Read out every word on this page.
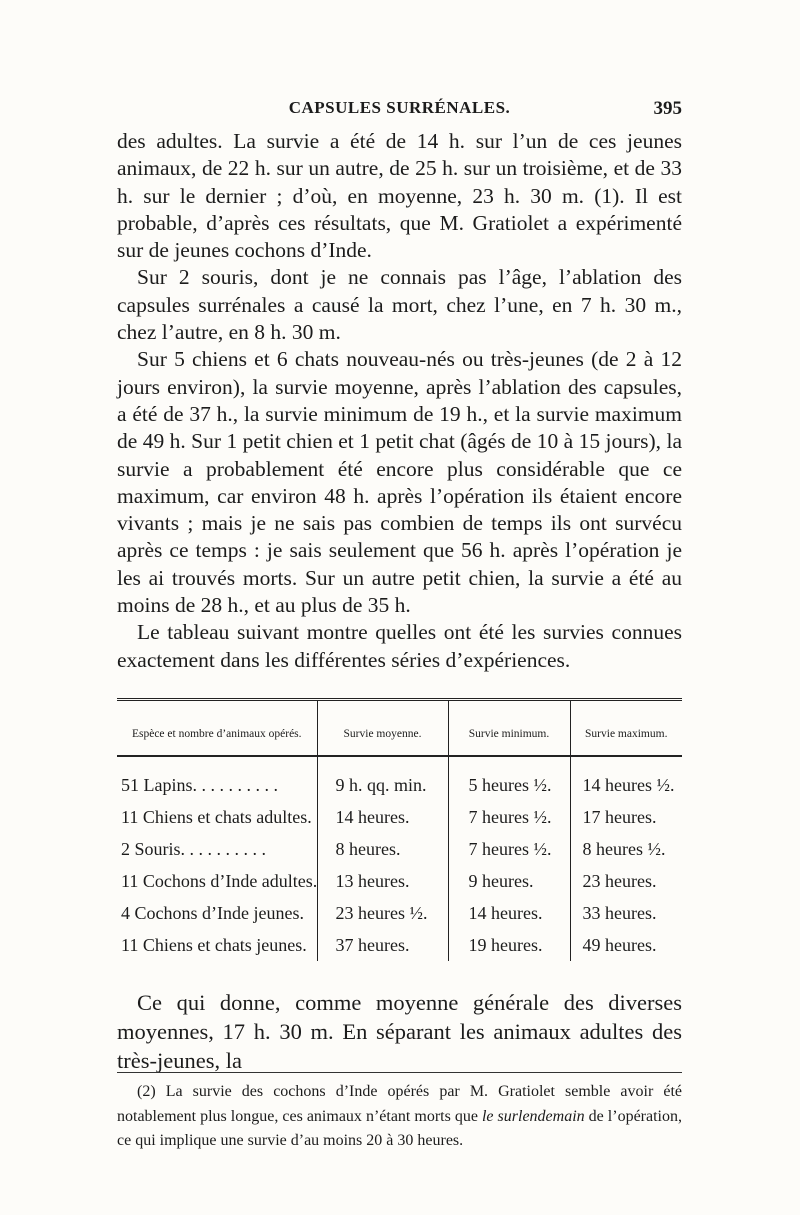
CAPSULES SURRÉNALES.	395

des adultes. La survie a été de 14 h. sur l’un de ces jeunes animaux, de 22 h. sur un autre, de 25 h. sur un troisième, et de 33 h. sur le dernier ; d’où, en moyenne, 23 h. 30 m. (1). Il est probable, d’après ces résultats, que M. Gratiolet a expérimenté sur de jeunes cochons d’Inde.

Sur 2 souris, dont je ne connais pas l’âge, l’ablation des capsules surrénales a causé la mort, chez l’une, en 7 h. 30 m., chez l’autre, en 8 h. 30 m.

Sur 5 chiens et 6 chats nouveau-nés ou très-jeunes (de 2 à 12 jours environ), la survie moyenne, après l’ablation des capsules, a été de 37 h., la survie minimum de 19 h., et la survie maximum de 49 h. Sur 1 petit chien et 1 petit chat (âgés de 10 à 15 jours), la survie a probablement été encore plus considérable que ce maximum, car environ 48 h. après l’opération ils étaient encore vivants ; mais je ne sais pas combien de temps ils ont survécu après ce temps : je sais seulement que 56 h. après l’opération je les ai trouvés morts. Sur un autre petit chien, la survie a été au moins de 28 h., et au plus de 35 h.

Le tableau suivant montre quelles ont été les survies connues exactement dans les différentes séries d’expériences.

Espèce et nombre d’animaux opérés.	Survie moyenne.	Survie minimum.	Survie maximum.
51 Lapins. . . . . . . . . .	9 h. qq. min.	5 heures ½.	14 heures ½.
11 Chiens et chats adultes.	14 heures.	7 heures ½.	17 heures.
2 Souris. . . . . . . . . .	8 heures.	7 heures ½.	8 heures ½.
11 Cochons d’Inde adultes.	13 heures.	9 heures.	23 heures.
4 Cochons d’Inde jeunes.	23 heures ½.	14 heures.	33 heures.
11 Chiens et chats jeunes.	37 heures.	19 heures.	49 heures.

Ce qui donne, comme moyenne générale des diverses moyennes, 17 h. 30 m. En séparant les animaux adultes des très-jeunes, la

(2) La survie des cochons d’Inde opérés par M. Gratiolet semble avoir été notablement plus longue, ces animaux n’étant morts que le surlendemain de l’opération, ce qui implique une survie d’au moins 20 à 30 heures.
